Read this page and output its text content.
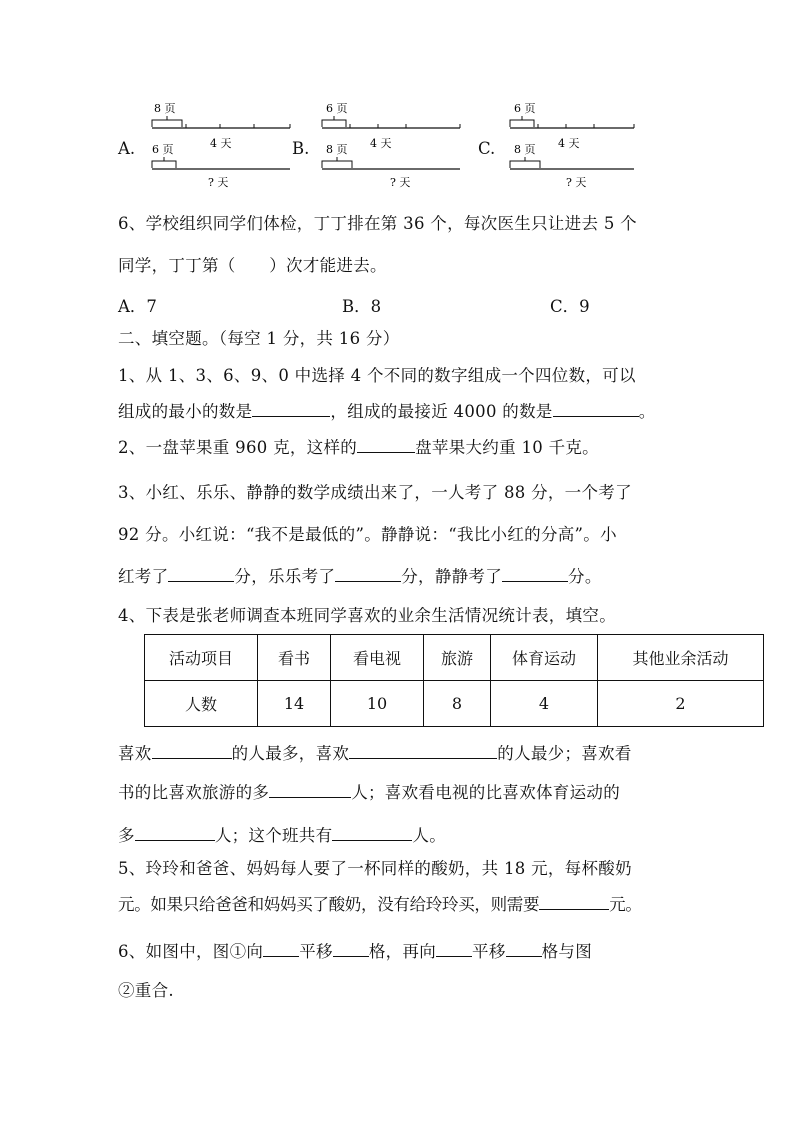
A.
8 页
4 天
6 页
? 天
B.
6 页
4 天
8 页
? 天
C.
6 页
4 天
8 页
? 天
6、学校组织同学们体检，丁丁排在第 36 个，每次医生只让进去 5 个
同学，丁丁第（　　）次才能进去。
A．7	B．8	C．9
二、填空题。（每空 1 分，共 16 分）
1、从 1、3、6、9、0 中选择 4 个不同的数字组成一个四位数，可以
组成的最小的数是	，组成的最接近 4000 的数是	。
2、一盘苹果重 960 克，这样的	盘苹果大约重 10 千克。
3、小红、乐乐、静静的数学成绩出来了，一人考了 88 分，一个考了
92 分。小红说：“我不是最低的”。静静说：“我比小红的分高”。小
红考了	分，乐乐考了	分，静静考了	分。
4、下表是张老师调查本班同学喜欢的业余生活情况统计表，填空。
活动项目	看书	看电视	旅游	体育运动	其他业余活动
人数	14	10	8	4	2
喜欢	的人最多，喜欢	的人最少；喜欢看
书的比喜欢旅游的多	人；喜欢看电视的比喜欢体育运动的
多	人；这个班共有	人。
5、玲玲和爸爸、妈妈每人要了一杯同样的酸奶，共 18 元，每杯酸奶
元。如果只给爸爸和妈妈买了酸奶，没有给玲玲买，则需要	元。
6、如图中，图①向 平移 格，再向 平移 格与图
②重合.
